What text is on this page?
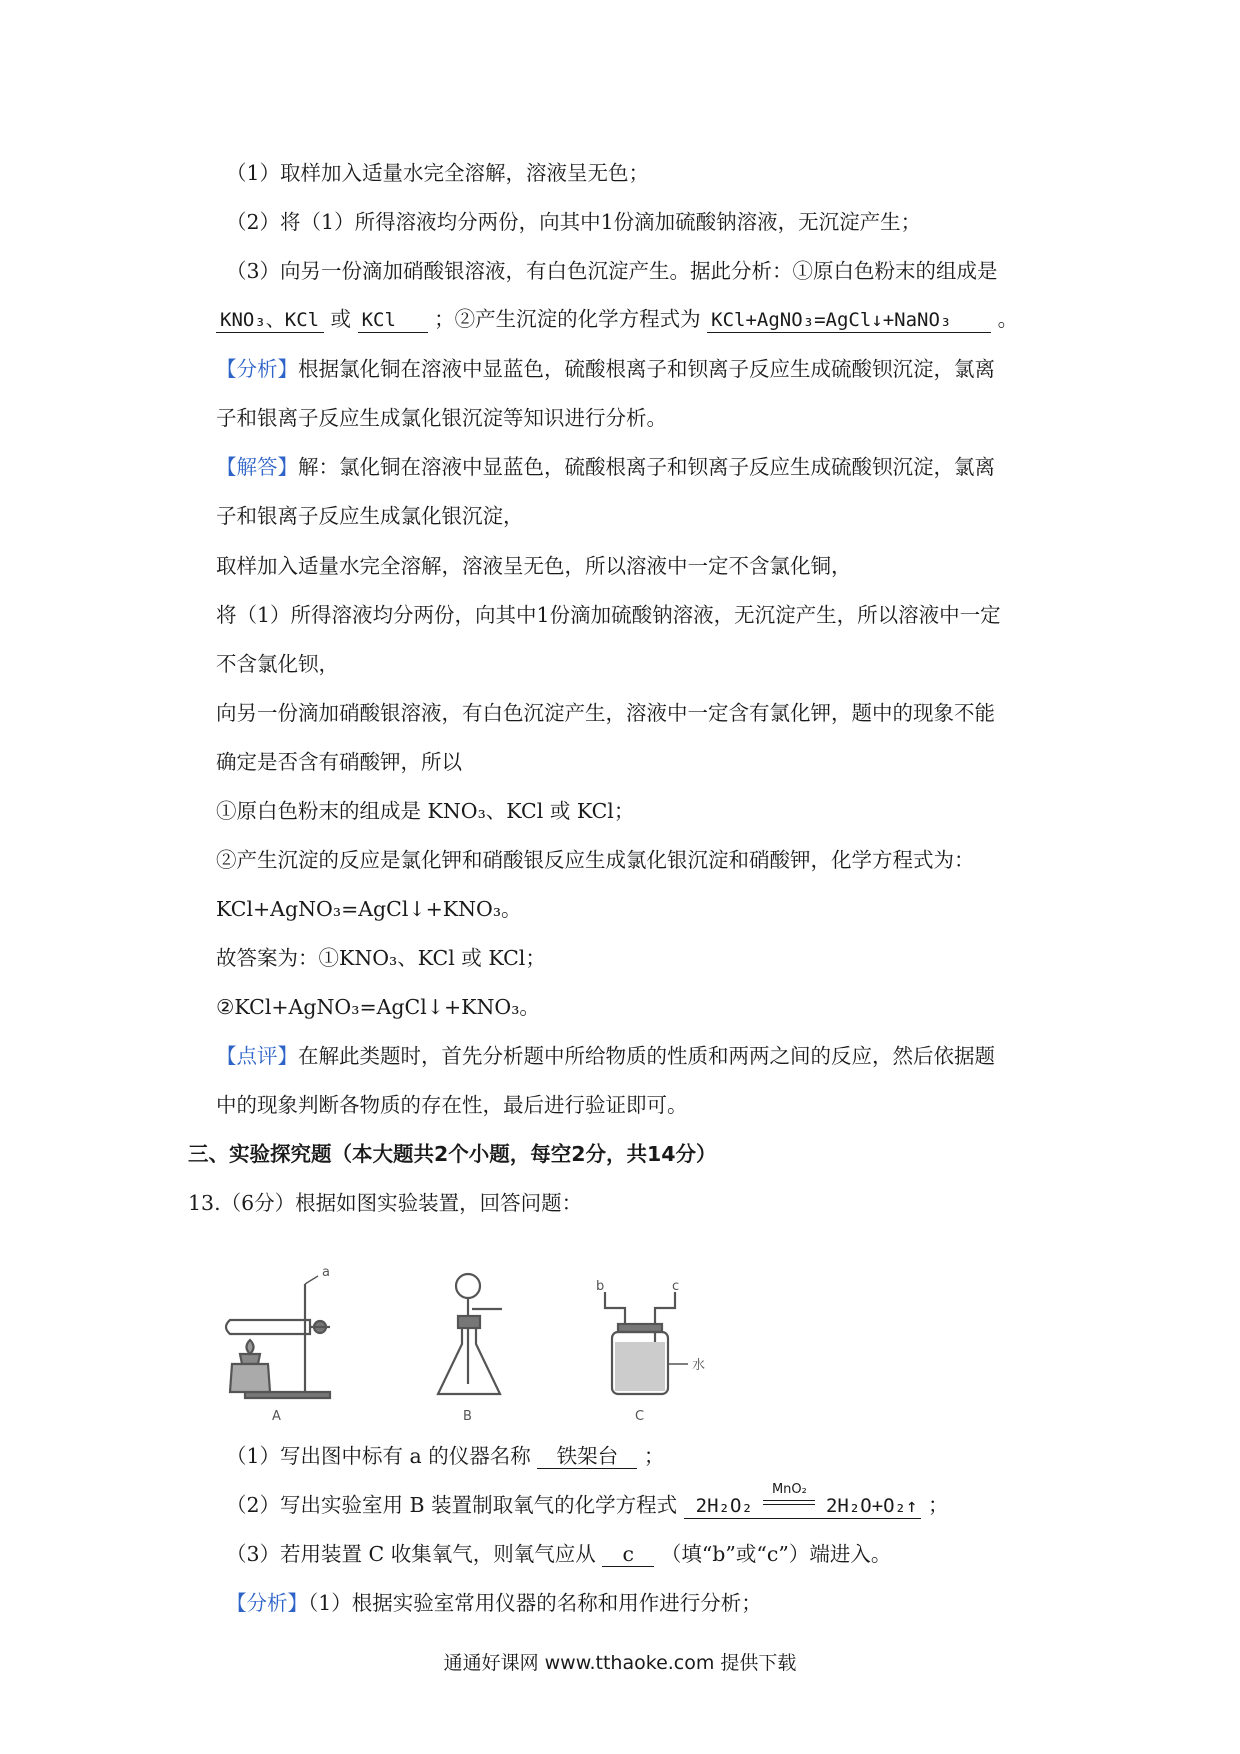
（1）取样加入适量水完全溶解，溶液呈无色；
（2）将（1）所得溶液均分两份，向其中1份滴加硫酸钠溶液，无沉淀产生；
（3）向另一份滴加硝酸银溶液，有白色沉淀产生。据此分析：①原白色粉末的组成是
KNO₃、KCl 或 KCl ；②产生沉淀的化学方程式为 KCl+AgNO₃=AgCl↓+NaNO₃ 。
【分析】根据氯化铜在溶液中显蓝色，硫酸根离子和钡离子反应生成硫酸钡沉淀，氯离
子和银离子反应生成氯化银沉淀等知识进行分析。
【解答】解：氯化铜在溶液中显蓝色，硫酸根离子和钡离子反应生成硫酸钡沉淀，氯离
子和银离子反应生成氯化银沉淀，
取样加入适量水完全溶解，溶液呈无色，所以溶液中一定不含氯化铜，
将（1）所得溶液均分两份，向其中1份滴加硫酸钠溶液，无沉淀产生，所以溶液中一定
不含氯化钡，
向另一份滴加硝酸银溶液，有白色沉淀产生，溶液中一定含有氯化钾，题中的现象不能
确定是否含有硝酸钾，所以
①原白色粉末的组成是 KNO₃、KCl 或 KCl；
②产生沉淀的反应是氯化钾和硝酸银反应生成氯化银沉淀和硝酸钾，化学方程式为：
KCl+AgNO₃=AgCl↓+KNO₃。
故答案为：①KNO₃、KCl 或 KCl；
②KCl+AgNO₃=AgCl↓+KNO₃。
【点评】在解此类题时，首先分析题中所给物质的性质和两两之间的反应，然后依据题
中的现象判断各物质的存在性，最后进行验证即可。
三、实验探究题（本大题共2个小题，每空2分，共14分）
13.（6分）根据如图实验装置，回答问题：
a
A	B
b	c
水
C
（1）写出图中标有 a 的仪器名称 铁架台 ；
（2）写出实验室用 B 装置制取氧气的化学方程式 2H₂O₂
MnO₂
2H₂O+O₂↑ ；
（3）若用装置 C 收集氧气，则氧气应从 c （填“b”或“c”）端进入。
【分析】（1）根据实验室常用仪器的名称和用作进行分析；
通通好课网 www.tthaoke.com 提供下载
